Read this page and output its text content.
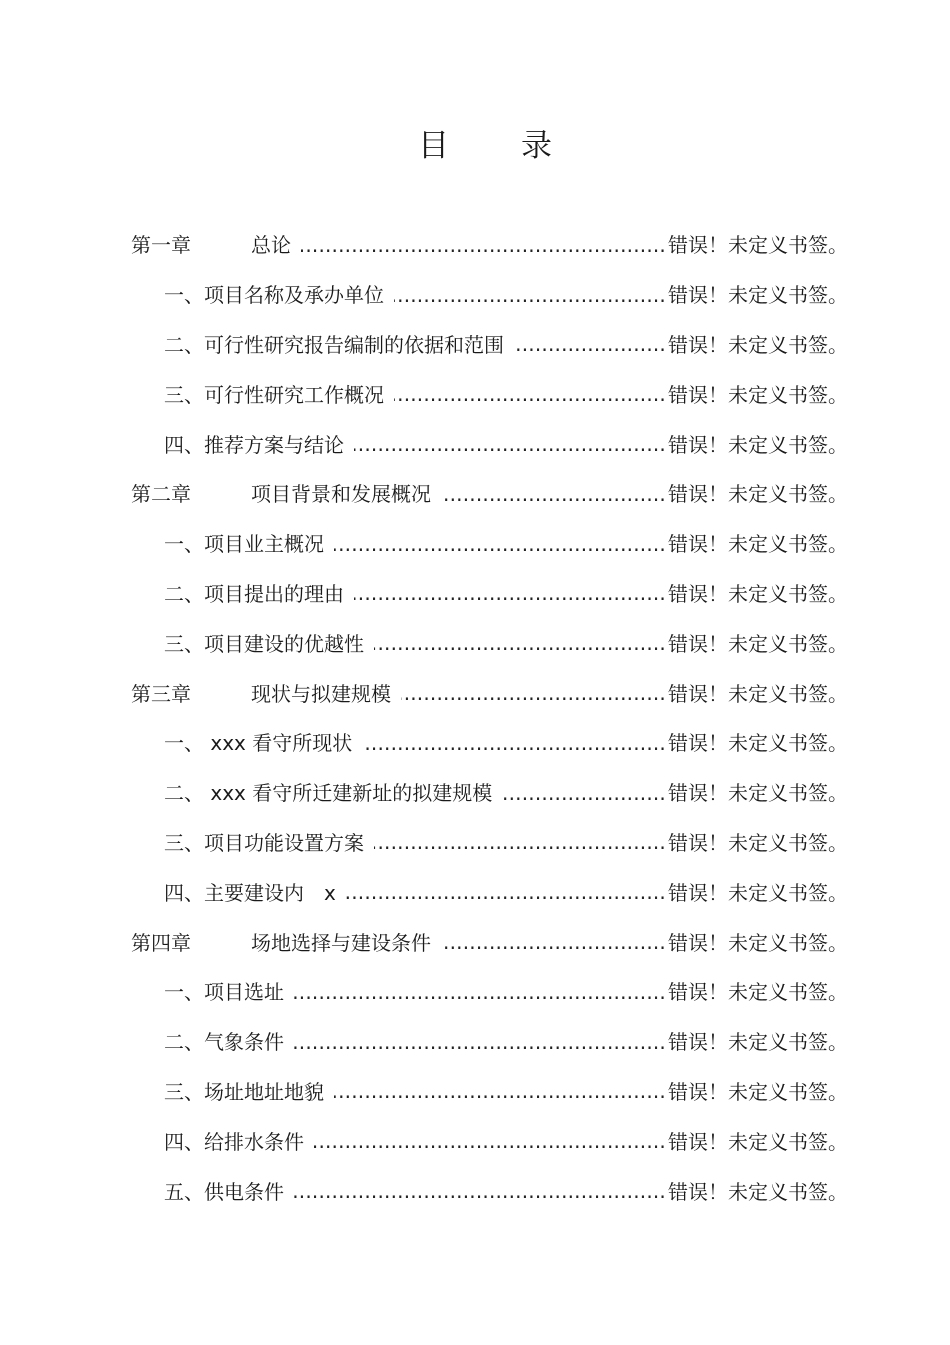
目 录
第一章	总论 .....	错误！未定义书签。
一、项目名称及承办单位 .....	错误！未定义书签。
二、可行性研究报告编制的依据和范围 .....	错误！未定义书签。
三、可行性研究工作概况 .....	错误！未定义书签。
四、推荐方案与结论 .....	错误！未定义书签。
第二章	项目背景和发展概况 .....	错误！未定义书签。
一、项目业主概况 .....	错误！未定义书签。
二、项目提出的理由 .....	错误！未定义书签。
三、项目建设的优越性 .....	错误！未定义书签。
第三章	现状与拟建规模 .....	错误！未定义书签。
一、 xxx 看守所现状 .....	错误！未定义书签。
二、 xxx 看守所迁建新址的拟建规模 .....	错误！未定义书签。
三、项目功能设置方案 .....	错误！未定义书签。
四、主要建设内　x .....	错误！未定义书签。
第四章	场地选择与建设条件 .....	错误！未定义书签。
一、项目选址 .....	错误！未定义书签。
二、气象条件 .....	错误！未定义书签。
三、场址地址地貌 .....	错误！未定义书签。
四、给排水条件 .....	错误！未定义书签。
五、供电条件 .....	错误！未定义书签。
